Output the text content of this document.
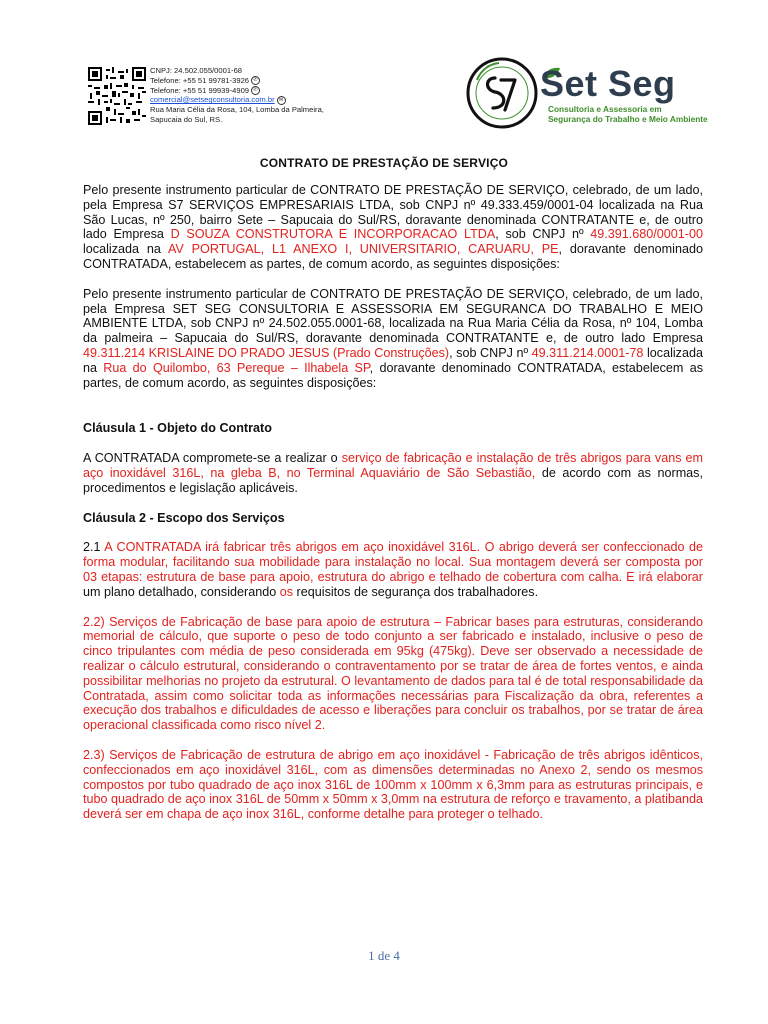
CNPJ: 24.502.055/0001-68
Telefone: +55 51 99781-3926 ✆
Telefone: +55 51 99939-4909 ✆
comercial@setsegconsultoria.com.br ✉
Rua Maria Célia da Rosa, 104, Lomba da Palmeira,
Sapucaia do Sul, RS.
Set Seg
Consultoria e Assessoria em
Segurança do Trabalho e Meio Ambiente
CONTRATO DE PRESTAÇÃO DE SERVIÇO

Pelo presente instrumento particular de CONTRATO DE PRESTAÇÃO DE SERVIÇO, celebrado, de um lado, pela Empresa S7 SERVIÇOS EMPRESARIAIS LTDA, sob CNPJ nº 49.333.459/0001-04 localizada na Rua São Lucas, nº 250, bairro Sete – Sapucaia do Sul/RS, doravante denominada CONTRATANTE e, de outro lado Empresa D SOUZA CONSTRUTORA E INCORPORACAO LTDA, sob CNPJ nº 49.391.680/0001-00 localizada na AV PORTUGAL, L1 ANEXO I, UNIVERSITARIO, CARUARU, PE, doravante denominado CONTRATADA, estabelecem as partes, de comum acordo, as seguintes disposições:

Pelo presente instrumento particular de CONTRATO DE PRESTAÇÃO DE SERVIÇO, celebrado, de um lado, pela Empresa SET SEG CONSULTORIA E ASSESSORIA EM SEGURANCA DO TRABALHO E MEIO AMBIENTE LTDA, sob CNPJ nº 24.502.055.0001-68, localizada na Rua Maria Célia da Rosa, nº 104, Lomba da palmeira – Sapucaia do Sul/RS, doravante denominada CONTRATANTE e, de outro lado Empresa 49.311.214 KRISLAINE DO PRADO JESUS (Prado Construções), sob CNPJ nº 49.311.214.0001-78 localizada na Rua do Quilombo, 63 Pereque – Ilhabela SP, doravante denominado CONTRATADA, estabelecem as partes, de comum acordo, as seguintes disposições:

Cláusula 1 - Objeto do Contrato

A CONTRATADA compromete-se a realizar o serviço de fabricação e instalação de três abrigos para vans em aço inoxidável 316L, na gleba B, no Terminal Aquaviário de São Sebastião, de acordo com as normas, procedimentos e legislação aplicáveis.

Cláusula 2 - Escopo dos Serviços

2.1 A CONTRATADA irá fabricar três abrigos em aço inoxidável 316L. O abrigo deverá ser confeccionado de forma modular, facilitando sua mobilidade para instalação no local. Sua montagem deverá ser composta por 03 etapas: estrutura de base para apoio, estrutura do abrigo e telhado de cobertura com calha. E irá elaborar um plano detalhado, considerando os requisitos de segurança dos trabalhadores.

2.2) Serviços de Fabricação de base para apoio de estrutura – Fabricar bases para estruturas, considerando memorial de cálculo, que suporte o peso de todo conjunto a ser fabricado e instalado, inclusive o peso de cinco tripulantes com média de peso considerada em 95kg (475kg). Deve ser observado a necessidade de realizar o cálculo estrutural, considerando o contraventamento por se tratar de área de fortes ventos, e ainda possibilitar melhorias no projeto da estrutural. O levantamento de dados para tal é de total responsabilidade da Contratada, assim como solicitar toda as informações necessárias para Fiscalização da obra, referentes a execução dos trabalhos e dificuldades de acesso e liberações para concluir os trabalhos, por se tratar de área operacional classificada como risco nível 2.

2.3) Serviços de Fabricação de estrutura de abrigo em aço inoxidável - Fabricação de três abrigos idênticos, confeccionados em aço inoxidável 316L, com as dimensões determinadas no Anexo 2, sendo os mesmos compostos por tubo quadrado de aço inox 316L de 100mm x 100mm x 6,3mm para as estruturas principais, e tubo quadrado de aço inox 316L de 50mm x 50mm x 3,0mm na estrutura de reforço e travamento, a platibanda deverá ser em chapa de aço inox 316L, conforme detalhe para proteger o telhado.

1 de 4
